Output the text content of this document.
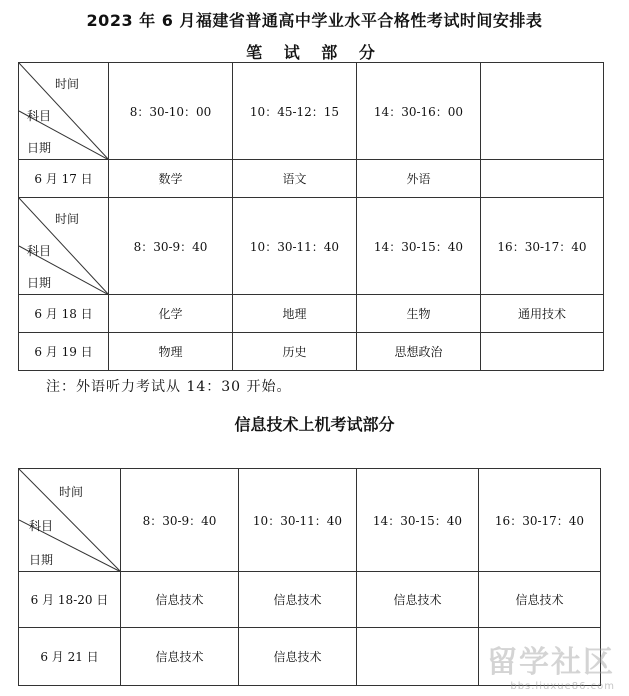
2023 年 6 月福建省普通高中学业水平合格性考试时间安排表
笔 试 部 分
时间
科目
日期	8：30-10：00	10：45-12：15	14：30-16：00	
6 月 17 日	数学	语文	外语	

时间
科目
日期	8：30-9：40	10：30-11：40	14：30-15：40	16：30-17：40
6 月 18 日	化学	地理	生物	通用技术
6 月 19 日	物理	历史	思想政治	
注：外语听力考试从 14：30 开始。
信息技术上机考试部分
时间
科目
日期	8：30-9：40	10：30-11：40	14：30-15：40	16：30-17：40
6 月 18-20 日	信息技术	信息技术	信息技术	信息技术
6 月 21 日	信息技术	信息技术			留学社区
bbs.liuxue86.com
